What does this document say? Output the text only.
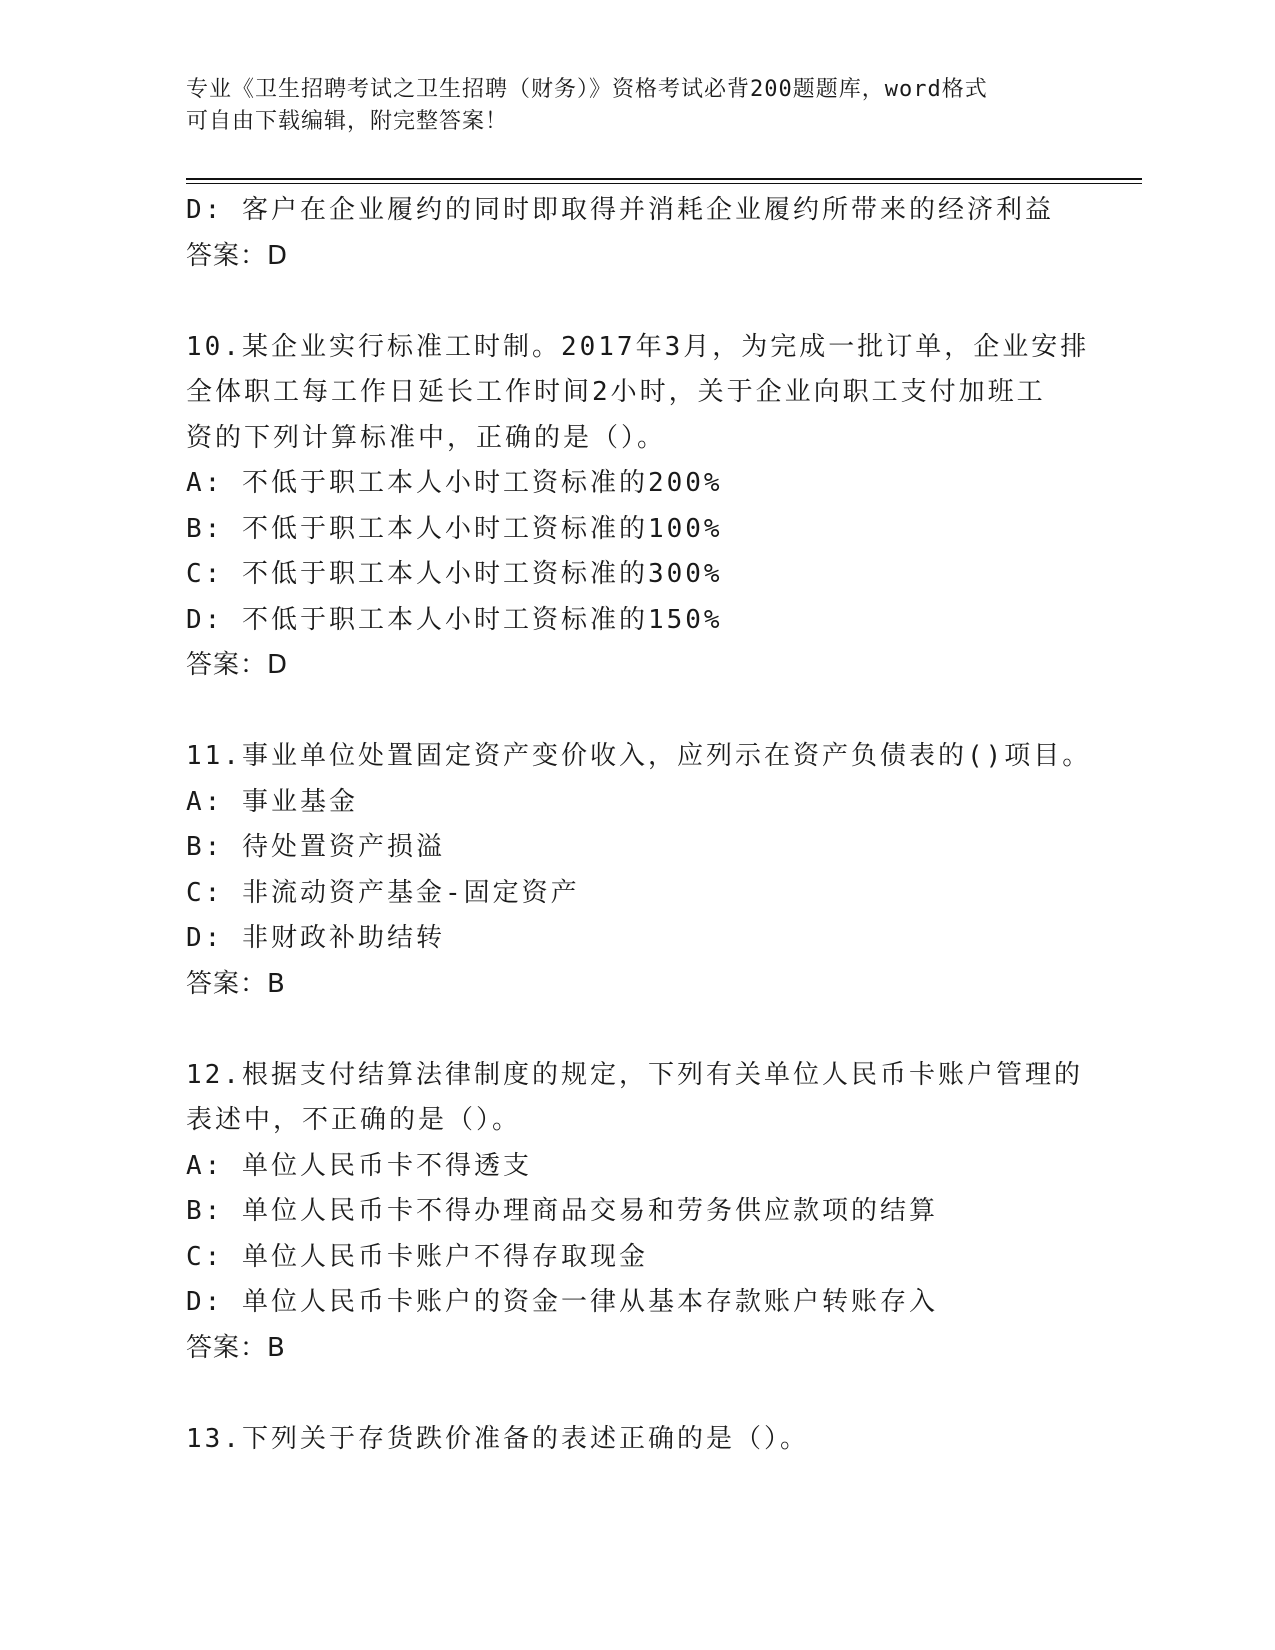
专业《卫生招聘考试之卫生招聘（财务）》资格考试必背200题题库，word格式
可自由下载编辑，附完整答案！
D: 客户在企业履约的同时即取得并消耗企业履约所带来的经济利益
答案：D
10.某企业实行标准工时制。2017年3月，为完成一批订单，企业安排
全体职工每工作日延长工作时间2小时，关于企业向职工支付加班工
资的下列计算标准中，正确的是（）。
A: 不低于职工本人小时工资标准的200%
B: 不低于职工本人小时工资标准的100%
C: 不低于职工本人小时工资标准的300%
D: 不低于职工本人小时工资标准的150%
答案：D
11.事业单位处置固定资产变价收入，应列示在资产负债表的()项目。
A: 事业基金
B: 待处置资产损溢
C: 非流动资产基金-固定资产
D: 非财政补助结转
答案：B
12.根据支付结算法律制度的规定，下列有关单位人民币卡账户管理的
表述中，不正确的是（）。
A: 单位人民币卡不得透支
B: 单位人民币卡不得办理商品交易和劳务供应款项的结算
C: 单位人民币卡账户不得存取现金
D: 单位人民币卡账户的资金一律从基本存款账户转账存入
答案：B
13.下列关于存货跌价准备的表述正确的是（）。
